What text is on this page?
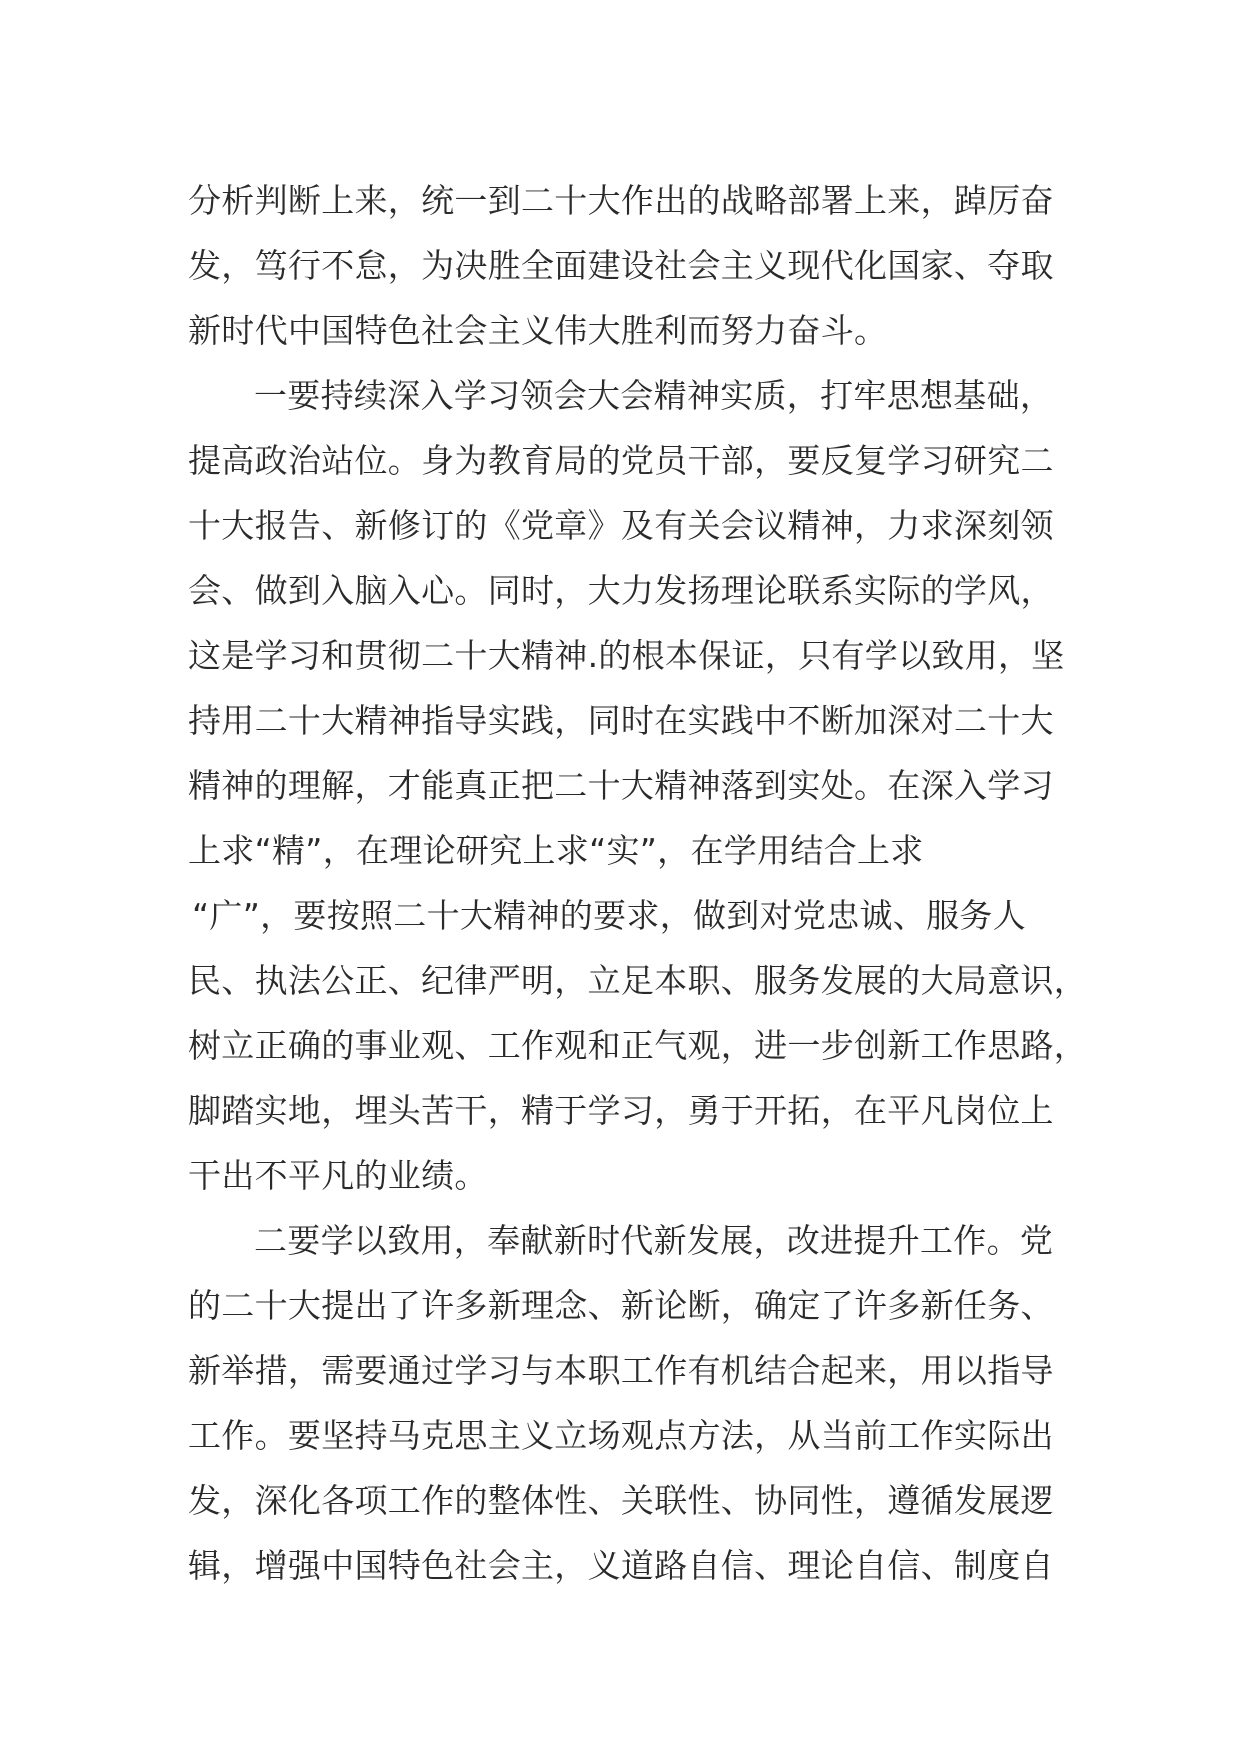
分析判断上来，统一到二十大作出的战略部署上来，踔厉奋
发，笃行不怠，为决胜全面建设社会主义现代化国家、夺取
新时代中国特色社会主义伟大胜利而努力奋斗。
一要持续深入学习领会大会精神实质，打牢思想基础，
提高政治站位。身为教育局的党员干部，要反复学习研究二
十大报告、新修订的《党章》及有关会议精神，力求深刻领
会、做到入脑入心。同时，大力发扬理论联系实际的学风，
这是学习和贯彻二十大精神.的根本保证，只有学以致用，坚
持用二十大精神指导实践，同时在实践中不断加深对二十大
精神的理解，才能真正把二十大精神落到实处。在深入学习
上求“精”，在理论研究上求“实”，在学用结合上求
“广”，要按照二十大精神的要求，做到对党忠诚、服务人
民、执法公正、纪律严明，立足本职、服务发展的大局意识，
树立正确的事业观、工作观和正气观，进一步创新工作思路，
脚踏实地，埋头苦干，精于学习，勇于开拓，在平凡岗位上
干出不平凡的业绩。
二要学以致用，奉献新时代新发展，改进提升工作。党
的二十大提出了许多新理念、新论断，确定了许多新任务、
新举措，需要通过学习与本职工作有机结合起来，用以指导
工作。要坚持马克思主义立场观点方法，从当前工作实际出
发，深化各项工作的整体性、关联性、协同性，遵循发展逻
辑，增强中国特色社会主，义道路自信、理论自信、制度自
